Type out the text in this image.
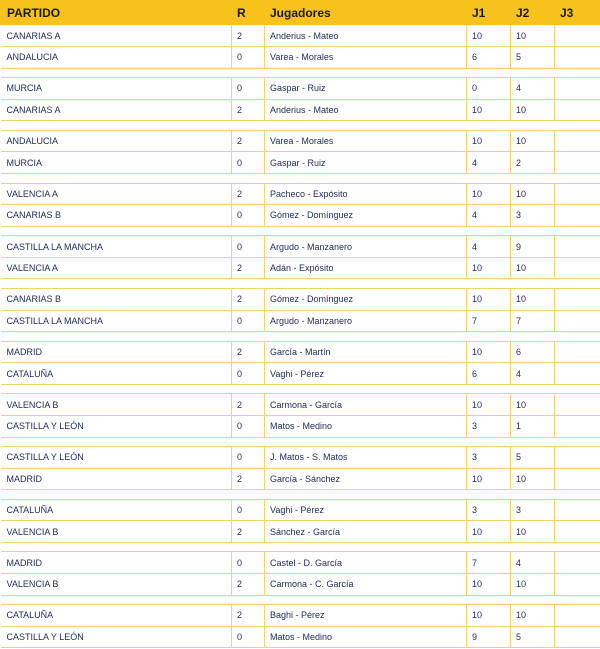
PARTIDO	R	Jugadores	J1	J2	J3
CANARIAS A	2	Anderius - Mateo	10	10	
ANDALUCIA	0	Varea - Morales	6	5	

MURCIA	0	Gaspar - Ruiz	0	4	
CANARIAS A	2	Anderius - Mateo	10	10	

ANDALUCIA	2	Varea - Morales	10	10	
MURCIA	0	Gaspar - Ruiz	4	2	

VALENCIA A	2	Pacheco - Expósito	10	10	
CANARIAS B	0	Gómez - Domínguez	4	3	

CASTILLA LA MANCHA	0	Argudo - Manzanero	4	9	
VALENCIA A	2	Adán - Expósito	10	10	

CANARIAS B	2	Gómez - Domínguez	10	10	
CASTILLA LA MANCHA	0	Argudo - Manzanero	7	7	

MADRID	2	García - Martín	10	6	
CATALUÑA	0	Vaghi - Pérez	6	4	

VALENCIA B	2	Carmona - García	10	10	
CASTILLA Y LEÓN	0	Matos - Medino	3	1	

CASTILLA Y LEÓN	0	J. Matos - S. Matos	3	5	
MADRID	2	García - Sánchez	10	10	

CATALUÑA	0	Vaghi - Pérez	3	3	
VALENCIA B	2	Sánchez - García	10	10	

MADRID	0	Castel - D. García	7	4	
VALENCIA B	2	Carmona - C. García	10	10	

CATALUÑA	2	Baghi - Pérez	10	10	
CASTILLA Y LEÓN	0	Matos - Medino	9	5	
